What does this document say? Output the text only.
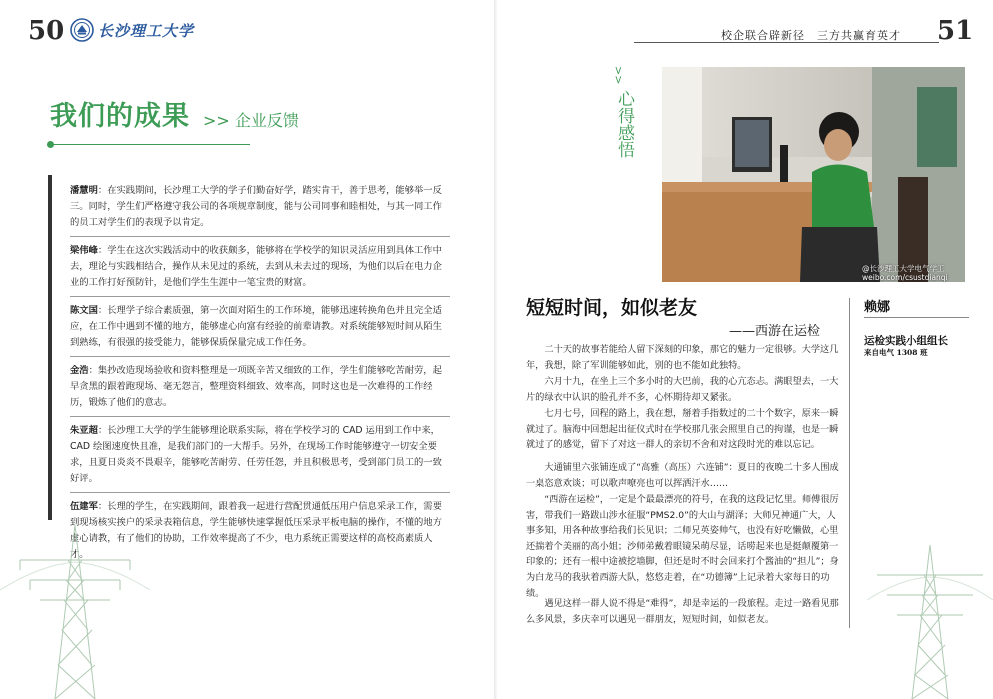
50 长沙理工大学
我们的成果 >> 企业反馈
潘慧明：在实践期间，长沙理工大学的学子们勤奋好学，踏实肯干，善于思考，能够举一反三。同时，学生们严格遵守我公司的各项规章制度，能与公司同事和睦相处，与其一同工作的员工对学生们的表现予以肯定。
梁伟峰：学生在这次实践活动中的收获颇多，能够将在学校学的知识灵活应用到具体工作中去，理论与实践相结合，操作从未见过的系统，去到从未去过的现场，为他们以后在电力企业的工作打好预防针，是他们学生生涯中一笔宝贵的财富。
陈文国：长理学子综合素质强，第一次面对陌生的工作环境，能够迅速转换角色并且完全适应，在工作中遇到不懂的地方，能够虚心向富有经验的前辈请教。对系统能够短时间从陌生到熟练，有很强的接受能力，能够保质保量完成工作任务。
金浩：集抄改造现场验收和资料整理是一项既辛苦又细致的工作，学生们能够吃苦耐劳，起早贪黑的跟着跑现场、毫无怨言，整理资料细致、效率高，同时这也是一次难得的工作经历，锻炼了他们的意志。
朱亚超：长沙理工大学的学生能够理论联系实际，将在学校学习的 CAD 运用到工作中来，CAD 绘图速度快且准，是我们部门的一大帮手。另外，在现场工作时能够遵守一切安全要求，且夏日炎炎不畏艰辛，能够吃苦耐劳、任劳任怨，并且积极思考，受到部门员工的一致好评。
伍建军：长理的学生，在实践期间，跟着我一起进行营配贯通低压用户信息采录工作，需要到现场核实挨户的采录表箱信息，学生能够快速掌握低压采录平板电脑的操作，不懂的地方虚心请教，有了他们的协助，工作效率提高了不少，电力系统正需要这样的高校高素质人才。
校企联合辟新径　三方共赢育英才 51
>>
心得感悟
@长沙理工大学电气学工
weibo.com/csustdianqi
短短时间，如似老友
——西游在运检
二十天的故事若能给人留下深刻的印象，那它的魅力一定很够。大学这几年，我想，除了军训能够如此，别的也不能如此独特。
六月十九，在坐上三个多小时的大巴前，我的心亢态忐。满眼望去，一大片的绿衣中认识的脸孔并不多，心怀期待却又紧张。
七月七号，回程的路上，我在想，掰着手指数过的二十个数字，原来一瞬就过了。脑海中回想起出征仪式时在学校那几张会照里自己的拘谨，也是一瞬就过了的感觉，留下了对这一群人的亲切不舍和对这段时光的难以忘记。
大通铺里六张铺连成了“高雅（高压）六连铺”：夏日的夜晚二十多人围成一桌恣意欢谈；可以歌声嘹亮也可以挥洒汗水……
“西游在运检”，一定是个最最漂亮的符号，在我的这段记忆里。师傅很厉害，带我们一路跋山涉水征服“PMS2.0”的大山与湖泽；大师兄神通广大，人事多知，用各种故事给我们长见识；二师兄英姿帅气，也没有好吃懒做，心里还揣着个美丽的高小姐；沙师弟戴着眼镜呆萌尽显，话唠起来也是挺颠覆第一印象的；还有一根中途被挖墙脚，但还是时不时会回来打个酱油的“担儿”；身为白龙马的我驮着西游大队，悠悠走着，在“功德簿”上记录着大家每日的功绩。
遇见这样一群人说不得是“难得”，却是幸运的一段旅程。走过一路看见那么多风景，多庆幸可以遇见一群朋友，短短时间，如似老友。
赖娜
运检实践小组组长
来自电气 1308 班
